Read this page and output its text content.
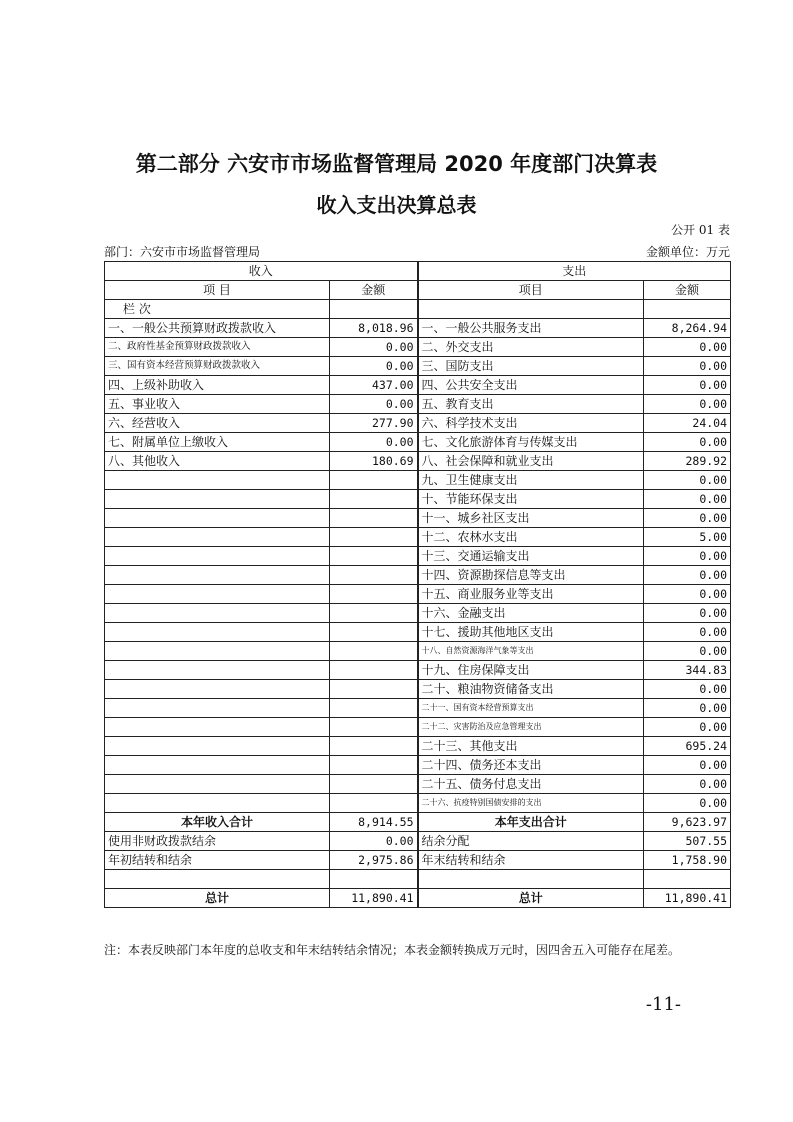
第二部分 六安市市场监督管理局 2020 年度部门决算表
收入支出决算总表
公开 01 表
部门：六安市市场监督管理局	金额单位：万元
收入		支出	
项 目	金额	项目	金额
栏 次			
一、一般公共预算财政拨款收入	8,018.96	一、一般公共服务支出	8,264.94
二、政府性基金预算财政拨款收入	0.00	二、外交支出	0.00
三、国有资本经营预算财政拨款收入	0.00	三、国防支出	0.00
四、上级补助收入	437.00	四、公共安全支出	0.00
五、事业收入	0.00	五、教育支出	0.00
六、经营收入	277.90	六、科学技术支出	24.04
七、附属单位上缴收入	0.00	七、文化旅游体育与传媒支出	0.00
八、其他收入	180.69	八、社会保障和就业支出	289.92
		九、卫生健康支出	0.00
		十、节能环保支出	0.00
		十一、城乡社区支出	0.00
		十二、农林水支出	5.00
		十三、交通运输支出	0.00
		十四、资源勘探信息等支出	0.00
		十五、商业服务业等支出	0.00
		十六、金融支出	0.00
		十七、援助其他地区支出	0.00
		十八、自然资源海洋气象等支出	0.00
		十九、住房保障支出	344.83
		二十、粮油物资储备支出	0.00
		二十一、国有资本经营预算支出	0.00
		二十二、灾害防治及应急管理支出	0.00
		二十三、其他支出	695.24
		二十四、债务还本支出	0.00
		二十五、债务付息支出	0.00
		二十六、抗疫特别国债安排的支出	0.00
本年收入合计	8,914.55	本年支出合计	9,623.97
使用非财政拨款结余	0.00	结余分配	507.55
年初结转和结余	2,975.86	年末结转和结余	1,758.90

总计	11,890.41	总计	11,890.41
注：本表反映部门本年度的总收支和年末结转结余情况；本表金额转换成万元时，因四舍五入可能存在尾差。
-11-
